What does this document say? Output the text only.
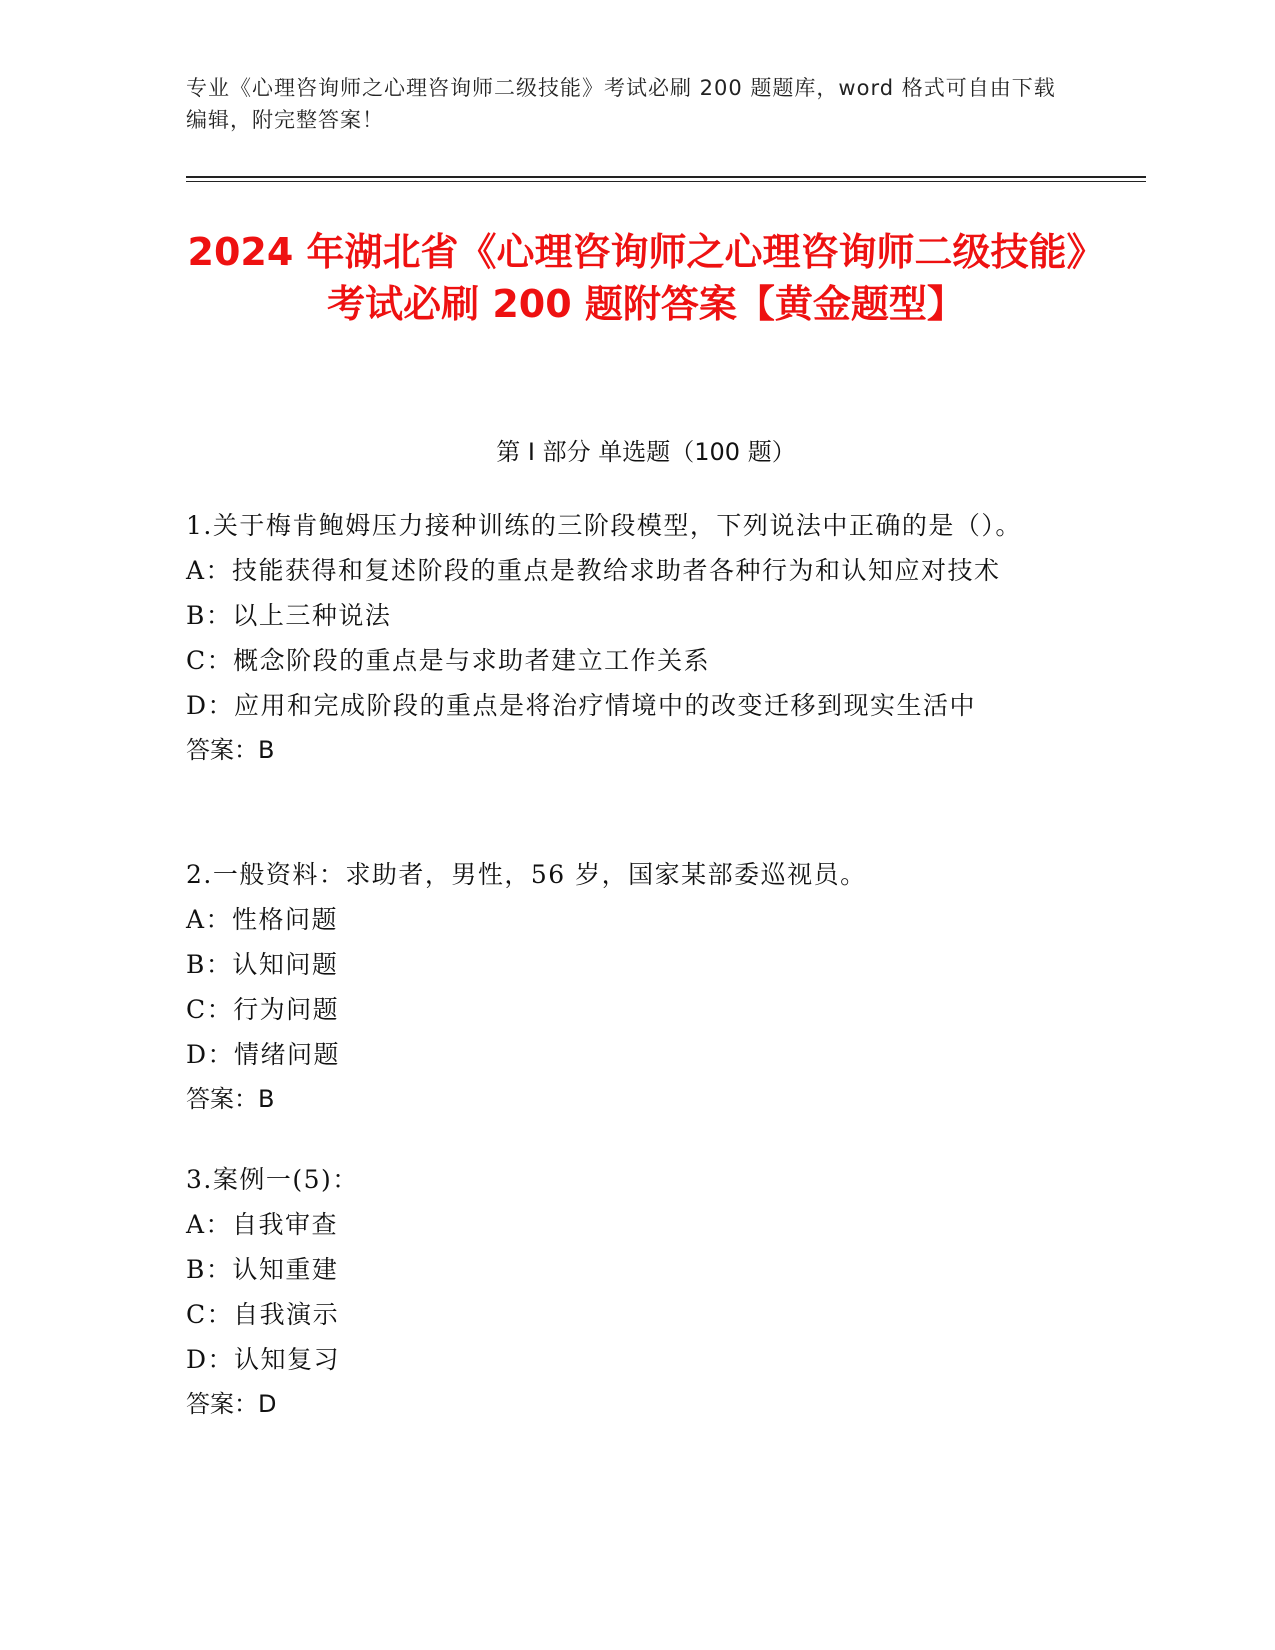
专业《心理咨询师之心理咨询师二级技能》考试必刷 200 题题库，word 格式可自由下载编辑，附完整答案！
2024 年湖北省《心理咨询师之心理咨询师二级技能》考试必刷 200 题附答案【黄金题型】
第 I 部分 单选题（100 题）
1.关于梅肯鲍姆压力接种训练的三阶段模型，下列说法中正确的是（）。
A：技能获得和复述阶段的重点是教给求助者各种行为和认知应对技术
B：以上三种说法
C：概念阶段的重点是与求助者建立工作关系
D：应用和完成阶段的重点是将治疗情境中的改变迁移到现实生活中
答案：B
2.一般资料：求助者，男性，56 岁，国家某部委巡视员。
A：性格问题
B：认知问题
C：行为问题
D：情绪问题
答案：B
3.案例一(5)：
A：自我审查
B：认知重建
C：自我演示
D：认知复习
答案：D
